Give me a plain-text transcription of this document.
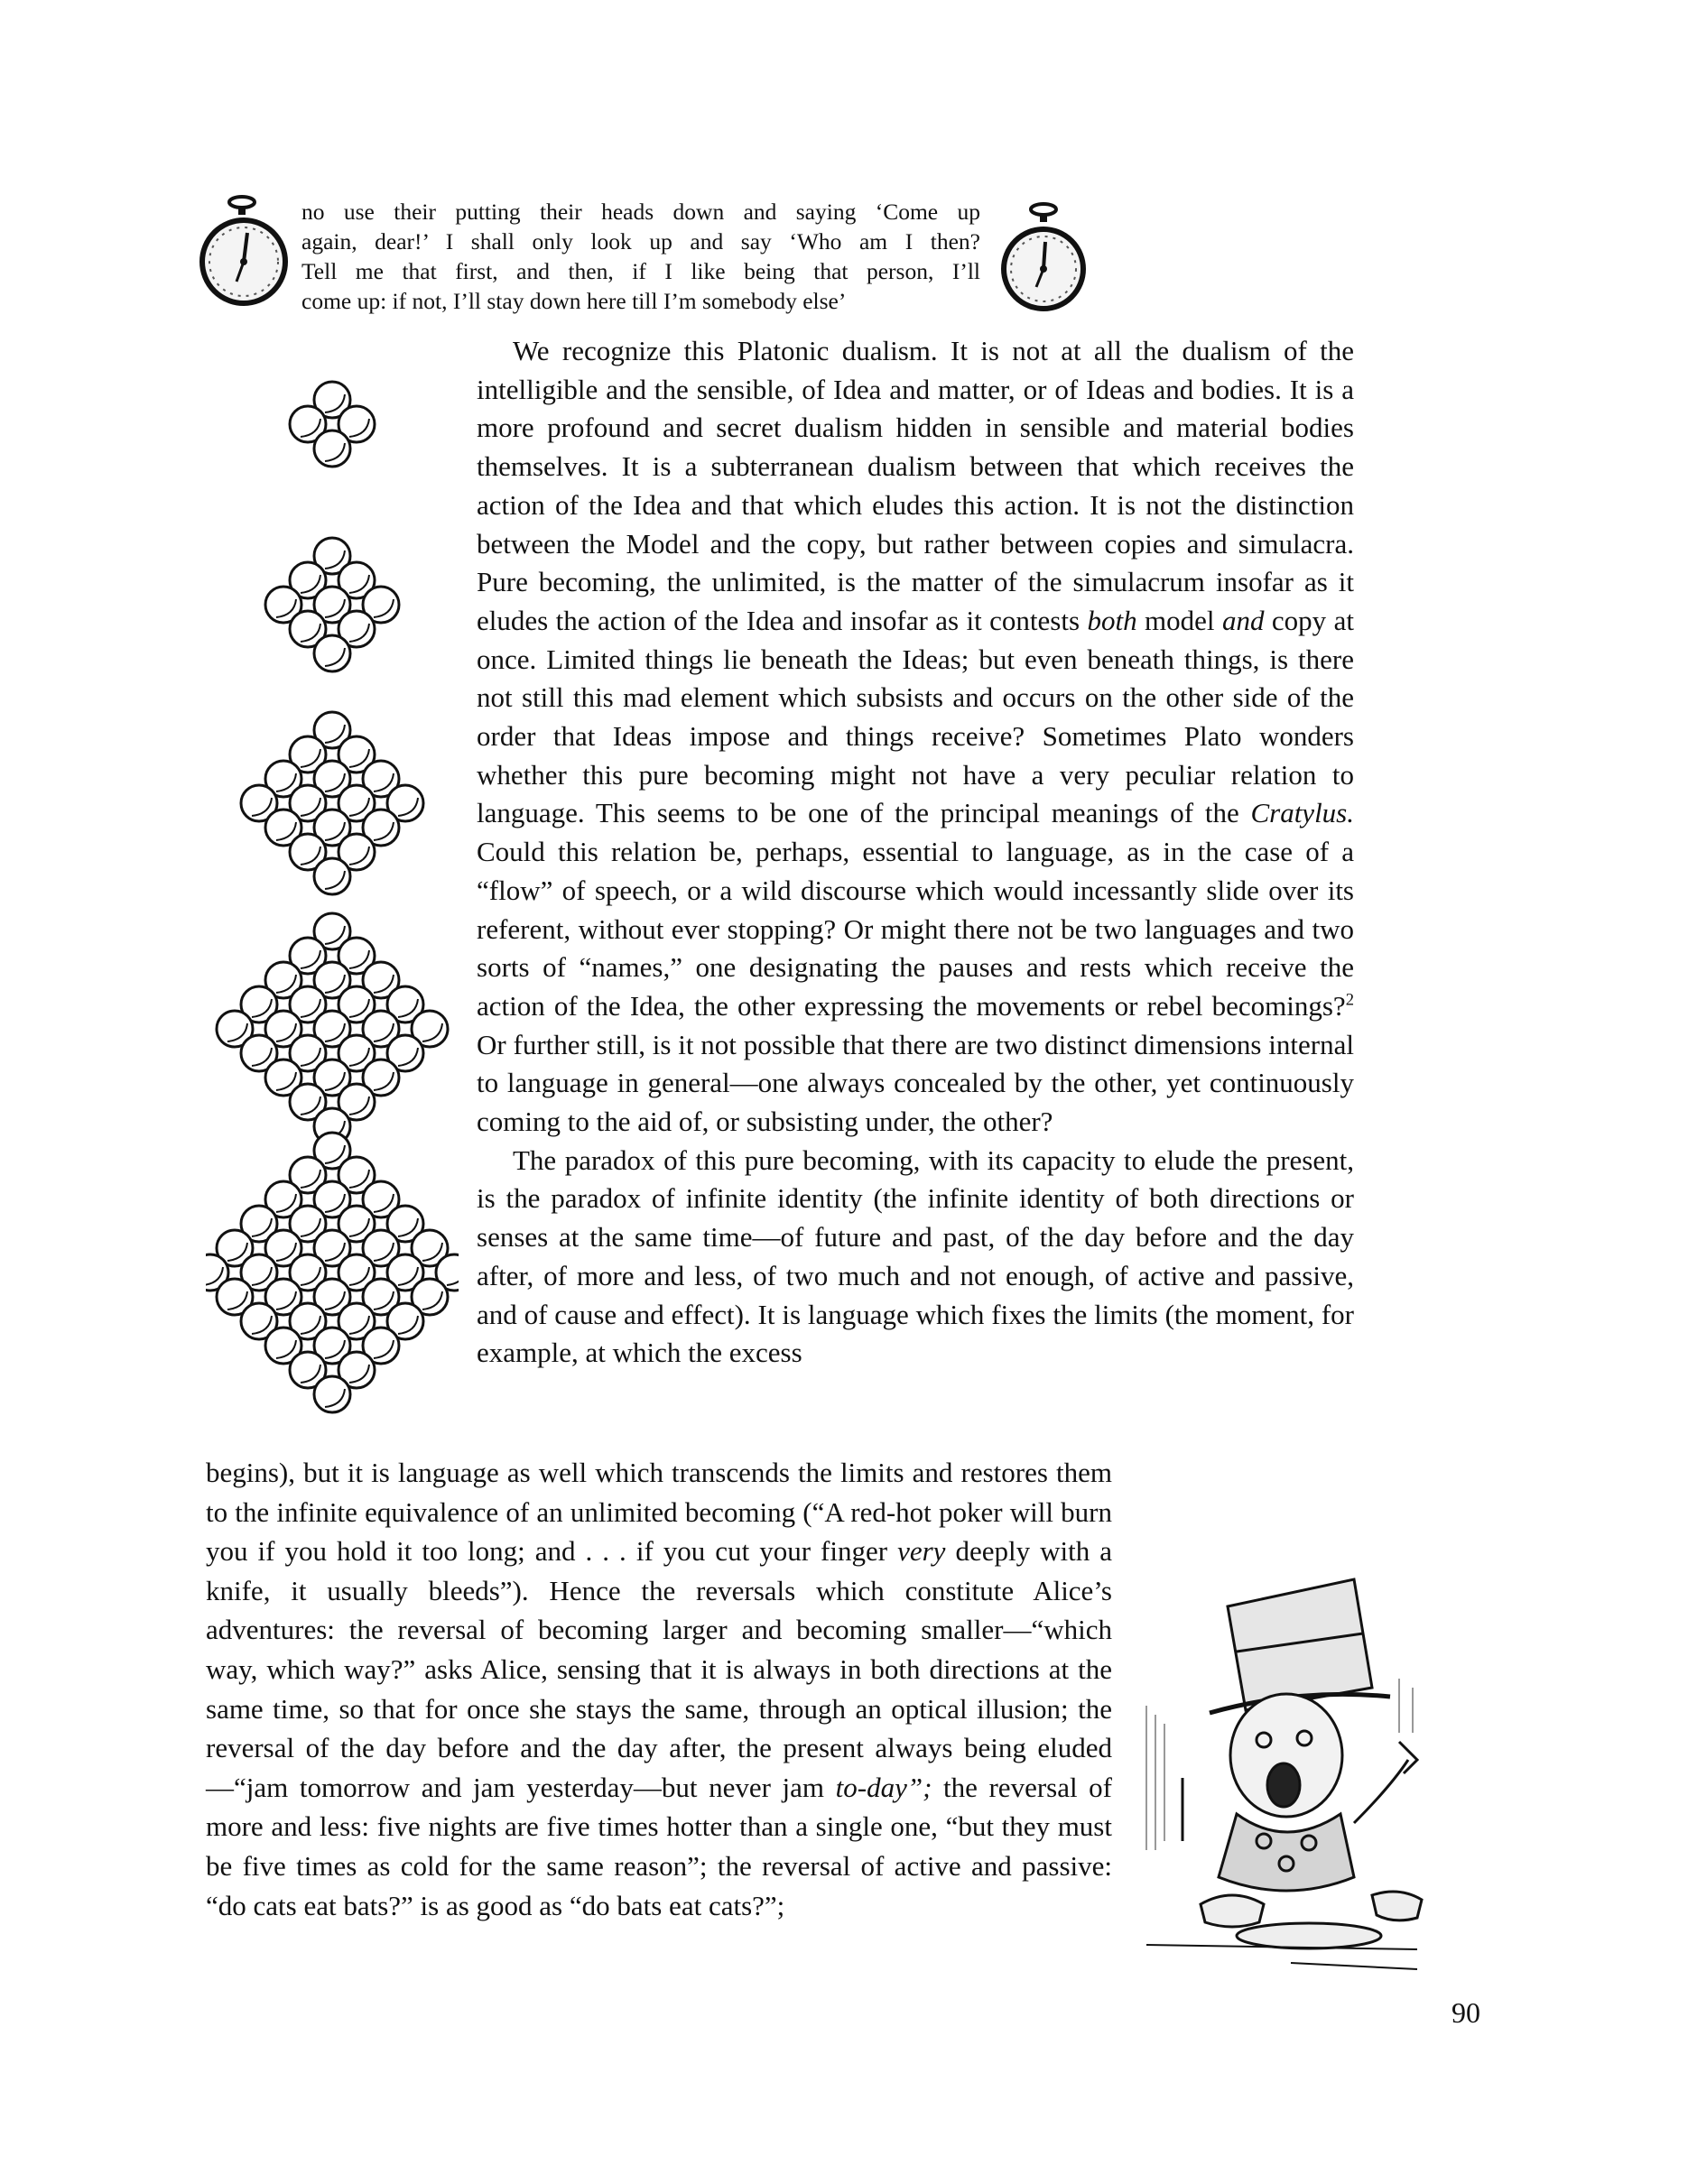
no use their putting their heads down and saying ‘Come up
again, dear!’ I shall only look up and say ‘Who am I then?
Tell me that first, and then, if I like being that person, I’ll
come up: if not, I’ll stay down here till I’m somebody else’

We recognize this Platonic dualism. It is not at all the dualism of the intelligible and the sensible, of Idea and matter, or of Ideas and bodies. It is a more profound and secret dualism hidden in sensible and material bodies themselves. It is a subterranean dualism between that which receives the action of the Idea and that which eludes this action. It is not the distinction between the Model and the copy, but rather between copies and simulacra. Pure becoming, the unlimited, is the matter of the simulacrum insofar as it eludes the action of the Idea and insofar as it contests both model and copy at once. Limited things lie beneath the Ideas; but even beneath things, is there not still this mad element which subsists and occurs on the other side of the order that Ideas impose and things receive? Sometimes Plato wonders whether this pure becoming might not have a very peculiar relation to language. This seems to be one of the principal meanings of the Cratylus. Could this relation be, perhaps, essential to language, as in the case of a “flow” of speech, or a wild discourse which would incessantly slide over its referent, without ever stopping? Or might there not be two languages and two sorts of “names,” one designating the pauses and rests which receive the action of the Idea, the other expressing the movements or rebel becomings?$^2$ Or further still, is it not possible that there are two distinct dimensions internal to language in general—one always concealed by the other, yet continuously coming to the aid of, or subsisting under, the other?

The paradox of this pure becoming, with its capacity to elude the present, is the paradox of infinite identity (the infinite identity of both directions or senses at the same time—of future and past, of the day before and the day after, of more and less, of two much and not enough, of active and passive, and of cause and effect). It is language which fixes the limits (the moment, for example, at which the excess

begins), but it is language as well which transcends the limits and restores them to the infinite equivalence of an unlimited becoming (“A red-hot poker will burn you if you hold it too long; and . . . if you cut your finger very deeply with a knife, it usually bleeds”). Hence the reversals which constitute Alice’s adventures: the reversal of becoming larger and becoming smaller—“which way, which way?” asks Alice, sensing that it is always in both directions at the same time, so that for once she stays the same, through an optical illusion; the reversal of the day before and the day after, the present always being eluded—“jam tomorrow and jam yesterday—but never jam to-day”; the reversal of more and less: five nights are five times hotter than a single one, “but they must be five times as cold for the same reason”; the reversal of active and passive: “do cats eat bats?” is as good as “do bats eat cats?”;

90
